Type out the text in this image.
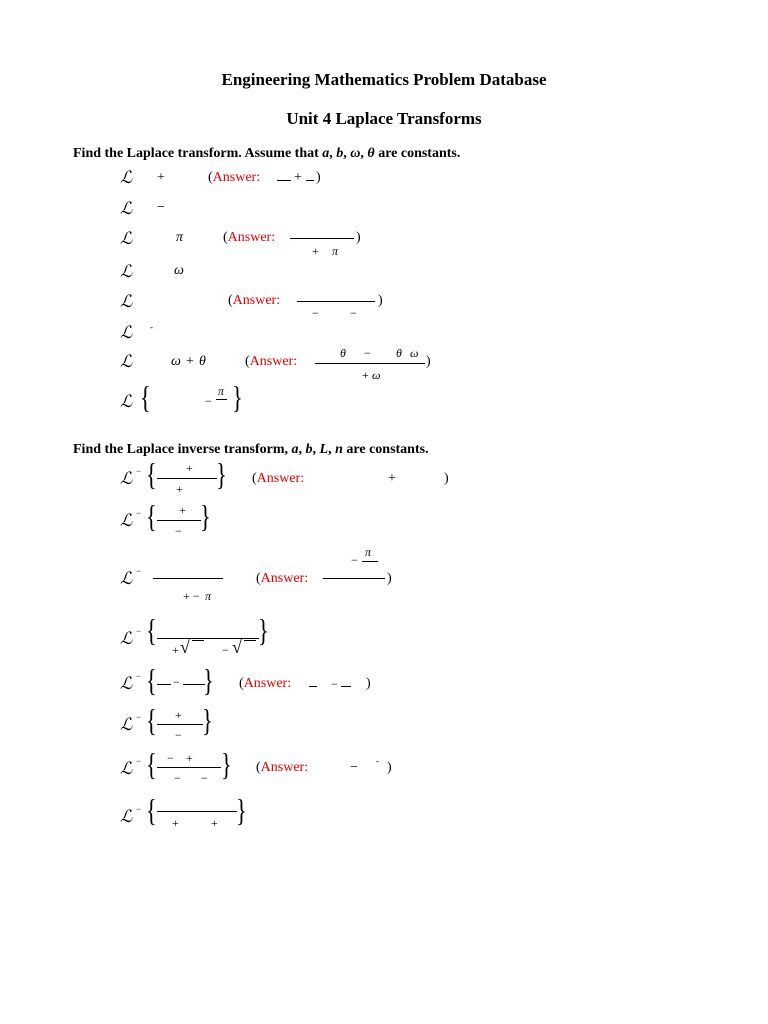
Engineering Mathematics Problem Database
Unit 4 Laplace Transforms
Find the Laplace transform. Assume that a, b, ω, θ are constants.
ℒ +	(Answer: + )
ℒ −
ℒ	π	(Answer:
+ π
)
ℒ	ω
ℒ	(Answer:
−	−
)
ℒ -
ℒ	ω + θ	(Answer:
θ − θ ω
+ ω
)
ℒ {	π
− }
Find the Laplace inverse transform, a, b, L, n are constants.
ℒ − { +
+ } (Answer:	+	)
ℒ − { +
− }
ℒ −
+ − π
(Answer:
π
−
)
ℒ − {
+ √	− √ }
ℒ − { − } (Answer:	− )
ℒ − { +
− }
ℒ − { − +
− − } (Answer:	− - )
ℒ − { +	+ }
